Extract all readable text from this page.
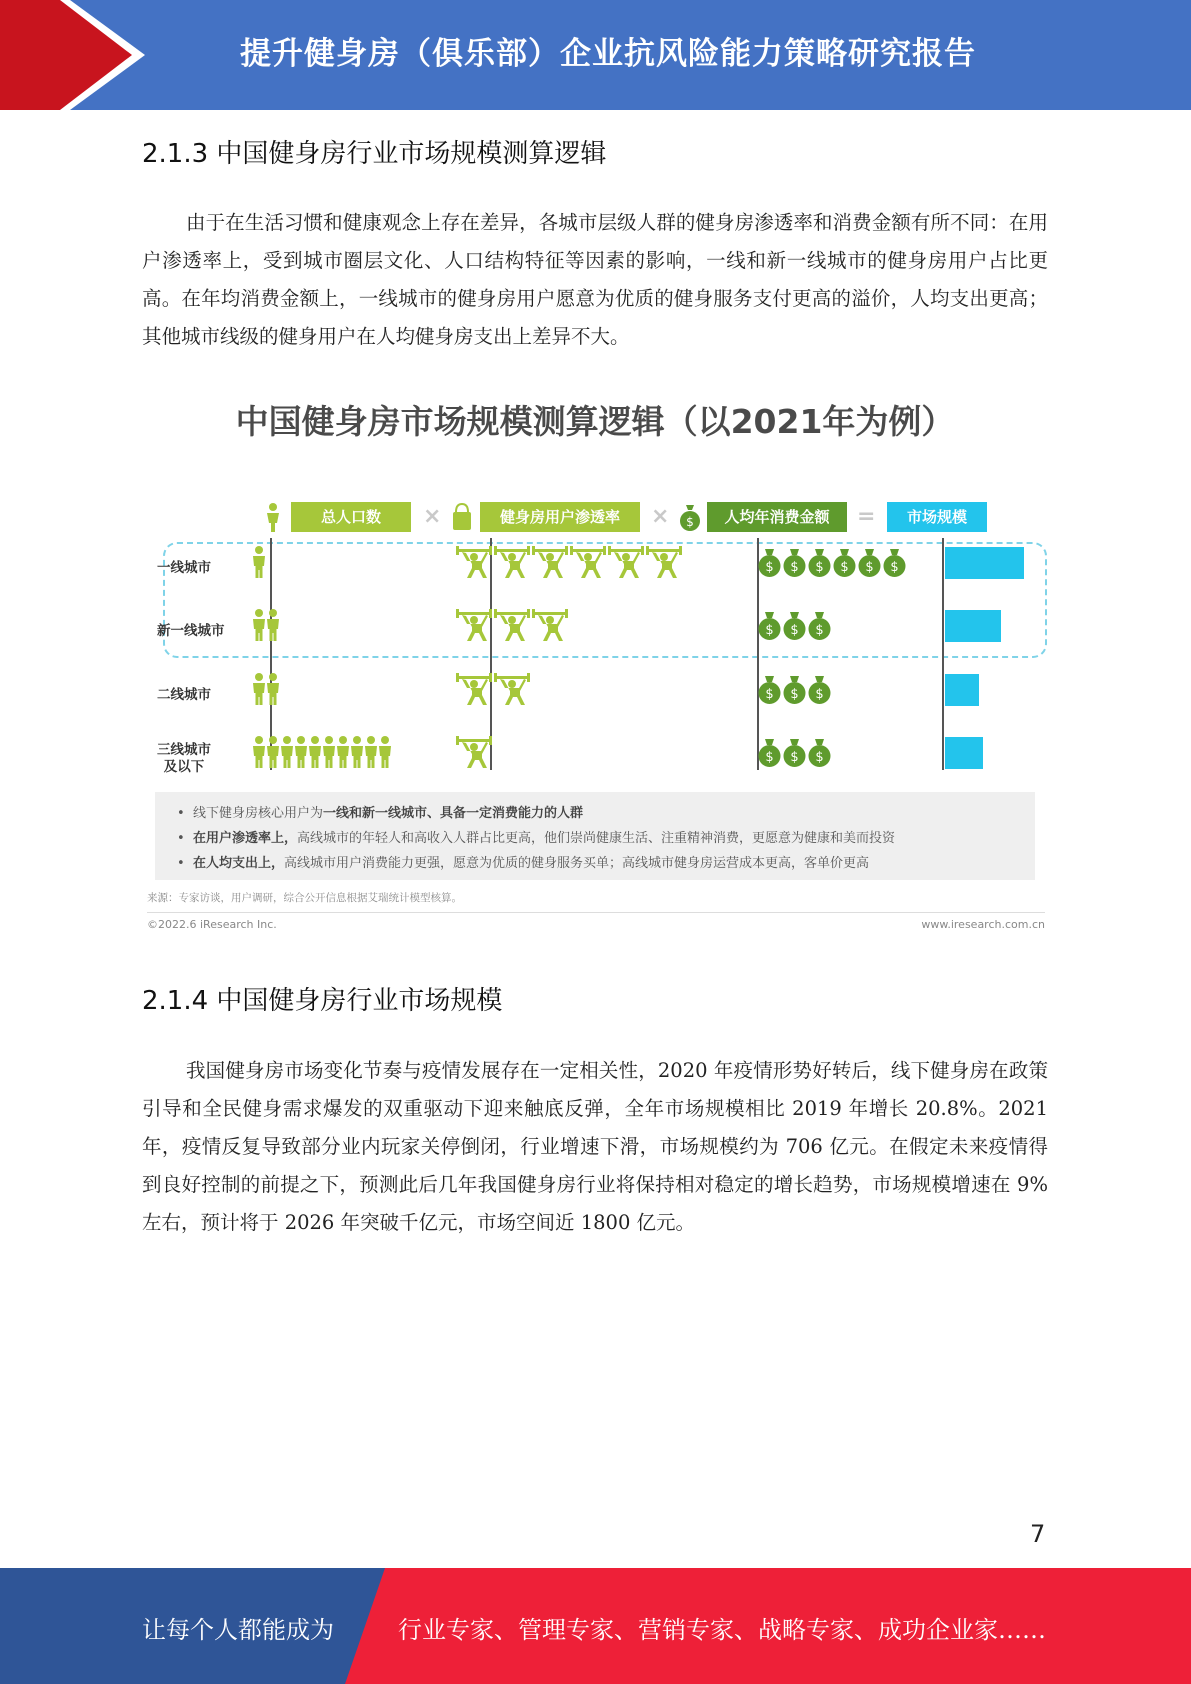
提升健身房（俱乐部）企业抗风险能力策略研究报告
2.1.3 中国健身房行业市场规模测算逻辑

由于在生活习惯和健康观念上存在差异，各城市层级人群的健身房渗透率和消费金额有所不同：在用户渗透率上，受到城市圈层文化、人口结构特征等因素的影响，一线和新一线城市的健身房用户占比更高。在年均消费金额上，一线城市的健身房用户愿意为优质的健身服务支付更高的溢价，人均支出更高；其他城市线级的健身用户在人均健身房支出上差异不大。

中国健身房市场规模测算逻辑（以2021年为例）
总人口数	×	健身房用户渗透率	× $	人均年消费金额	=	市场规模
一线城市	$ $ $ $ $ $
新一线城市	$ $ $
二线城市	$ $ $
三线城市
及以下
$ $ $
•  线下健身房核心用户为一线和新一线城市、具备一定消费能力的人群
•  在用户渗透率上，高线城市的年轻人和高收入人群占比更高，他们崇尚健康生活、注重精神消费，更愿意为健康和美而投资
•  在人均支出上，高线城市用户消费能力更强，愿意为优质的健身服务买单；高线城市健身房运营成本更高，客单价更高
来源：专家访谈，用户调研，综合公开信息根据艾瑞统计模型核算。
©2022.6 iResearch Inc.	www.iresearch.com.cn
2.1.4 中国健身房行业市场规模

我国健身房市场变化节奏与疫情发展存在一定相关性，2020 年疫情形势好转后，线下健身房在政策引导和全民健身需求爆发的双重驱动下迎来触底反弹，全年市场规模相比 2019 年增长 20.8%。2021 年，疫情反复导致部分业内玩家关停倒闭，行业增速下滑，市场规模约为 706 亿元。在假定未来疫情得到良好控制的前提之下，预测此后几年我国健身房行业将保持相对稳定的增长趋势，市场规模增速在 9%左右，预计将于 2026 年突破千亿元，市场空间近 1800 亿元。

7
让每个人都能成为	行业专家、管理专家、营销专家、战略专家、成功企业家……
